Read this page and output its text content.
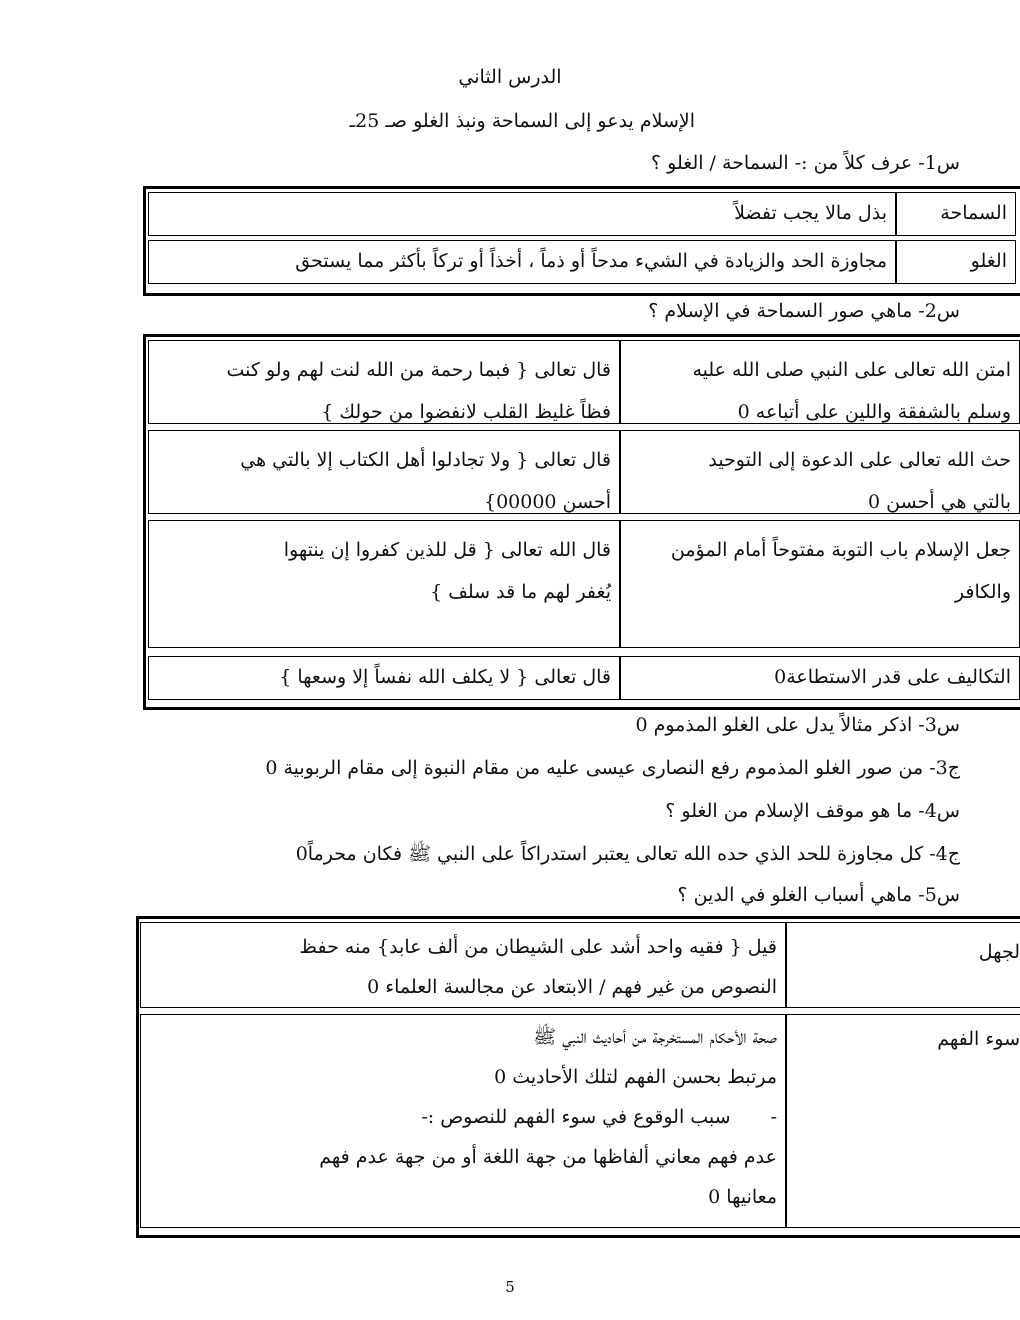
الدرس الثاني
الإسلام يدعو إلى السماحة ونبذ الغلو صـ 25ـ
س1- عرف كلاً من :- السماحة / الغلو ؟
السماحة
بذل مالا يجب تفضلاً
الغلو
مجاوزة الحد والزيادة في الشيء مدحاً أو ذماً ، أخذاً أو تركاً بأكثر مما يستحق
س2- ماهي صور السماحة في الإسلام ؟
امتن الله تعالى على النبي صلى الله عليه
وسلم بالشفقة واللين على أتباعه 0
قال تعالى { فبما رحمة من الله لنت لهم ولو كنت
فظاً غليظ القلب لانفضوا من حولك }
حث الله تعالى على الدعوة إلى التوحيد
بالتي هي أحسن 0
قال تعالى { ولا تجادلوا أهل الكتاب إلا بالتي هي
أحسن 00000}
جعل الإسلام باب التوبة مفتوحاً أمام المؤمن
والكافر
قال الله تعالى { قل للذين كفروا إن ينتهوا
يُغفر لهم ما قد سلف }
التكاليف على قدر الاستطاعة0
قال تعالى { لا يكلف الله نفساً إلا وسعها }
س3- اذكر مثالاً يدل على الغلو المذموم 0
ج3- من صور الغلو المذموم رفع النصارى عيسى عليه من مقام النبوة إلى مقام الربوبية 0
س4- ما هو موقف الإسلام من الغلو ؟
ج4- كل مجاوزة للحد الذي حده الله تعالى يعتبر استدراكاً على النبي ﷺ فكان محرماً0
س5- ماهي أسباب الغلو في الدين ؟
لجهل
قيل { فقيه واحد أشد على الشيطان من ألف عابد} منه حفظ
النصوص من غير فهم / الابتعاد عن مجالسة العلماء 0
سوء الفهم
صحة الأحكام المستخرجة من أحاديث النبي ﷺ
مرتبط بحسن الفهم لتلك الأحاديث 0
-سبب الوقوع في سوء الفهم للنصوص :-
عدم فهم معاني ألفاظها من جهة اللغة أو من جهة عدم فهم
معانيها 0
5
